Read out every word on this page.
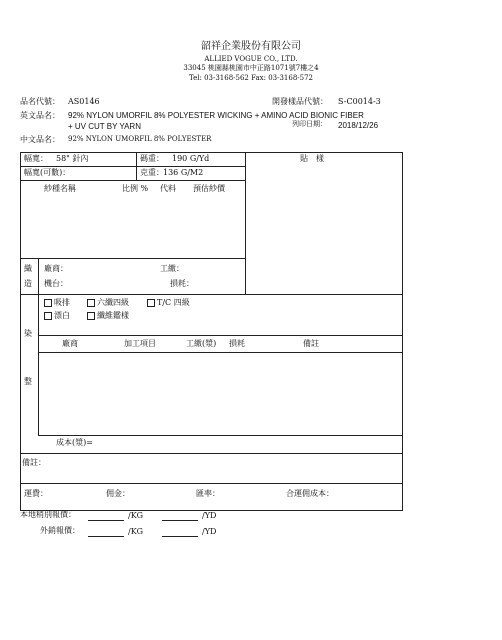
韶祥企業股份有限公司
ALLIED VOGUE CO., LTD.
33045 桃園縣桃園市中正路1071號7樓之4
Tel: 03-3168-562 Fax: 03-3168-572
品名代號： AS0146	開發樣品代號： S-C0014-3
英文品名： 92% NYLON UMORFIL 8% POLYESTER WICKING + AMINO ACID BIONIC FIBER
+ UV CUT BY YARN	列印日期： 2018/12/26
中文品名： 92% NYLON UMORFIL 8% POLYESTER
幅寬： 58" 針內	碼重： 190 G/Yd	貼　樣
幅寬(可數)：	克重： 136 G/M2
紗種名稱	比例 % 代料 預估紗價
織
造
廠商：	工繳：
機台：	損耗：
吸排	六纖四級	T/C 四級
漂白	纖維鑑樣
染
整
廠商	加工項目	工繳(漿) 損耗	備註
成本(漿)=
備註：
運費：	佣金：	匯率：	合運佣成本：
本地稍別報價：	/KG	/YD
外銷報價：	/KG	/YD
